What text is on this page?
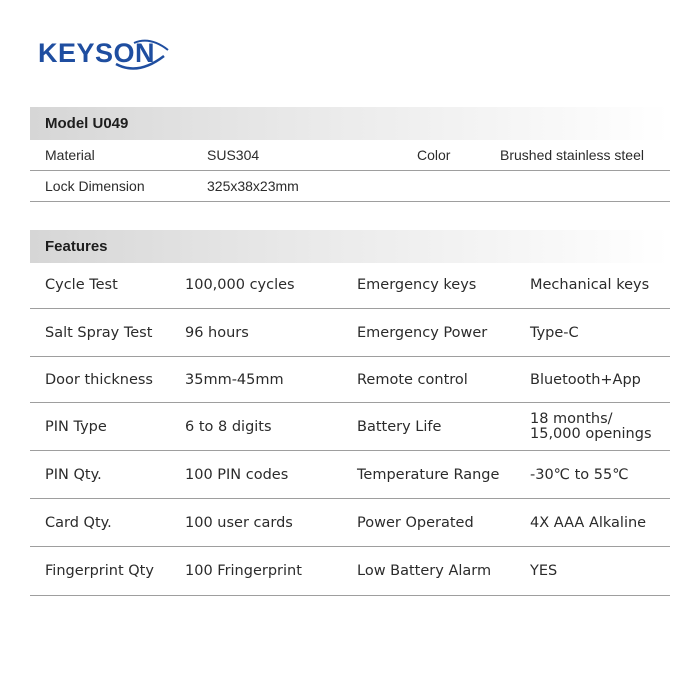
KEYSON
Model U049
Material	SUS304	Color	Brushed stainless steel
Lock Dimension	325x38x23mm
Features
Cycle Test	100,000 cycles	Emergency keys	Mechanical keys
Salt Spray Test 96 hours	Emergency Power	Type-C
Door thickness 35mm-45mm	Remote control	Bluetooth+App
PIN Type	6 to 8 digits	Battery Life	18 months/
15,000 openings
PIN Qty.	100 PIN codes	Temperature Range -30℃ to 55℃
Card Qty.	100 user cards	Power Operated	4X AAA Alkaline
Fingerprint Qty 100 Fringerprint	Low Battery Alarm	YES
